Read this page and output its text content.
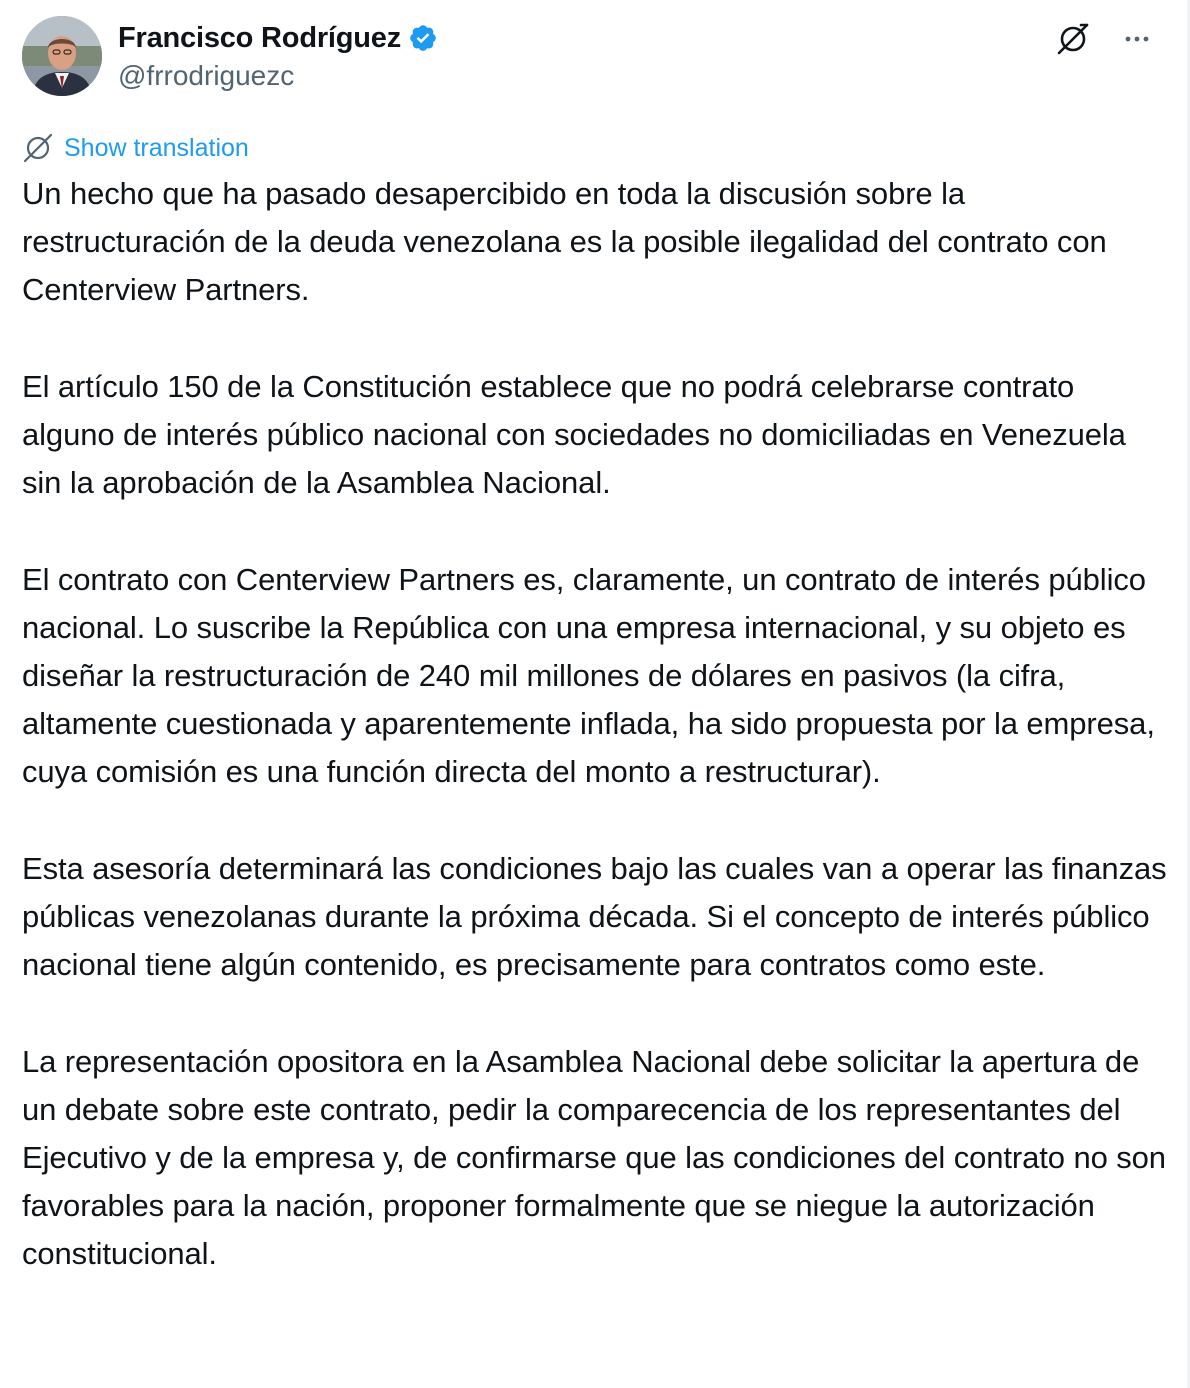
Francisco Rodríguez
@frrodriguezc
Show translation

Un hecho que ha pasado desapercibido en toda la discusión sobre la restructuración de la deuda venezolana es la posible ilegalidad del contrato con Centerview Partners.

El artículo 150 de la Constitución establece que no podrá celebrarse contrato alguno de interés público nacional con sociedades no domiciliadas en Venezuela sin la aprobación de la Asamblea Nacional.

El contrato con Centerview Partners es, claramente, un contrato de interés público nacional. Lo suscribe la República con una empresa internacional, y su objeto es diseñar la restructuración de 240 mil millones de dólares en pasivos (la cifra, altamente cuestionada y aparentemente inflada, ha sido propuesta por la empresa, cuya comisión es una función directa del monto a restructurar).

Esta asesoría determinará las condiciones bajo las cuales van a operar las finanzas públicas venezolanas durante la próxima década. Si el concepto de interés público nacional tiene algún contenido, es precisamente para contratos como este.

La representación opositora en la Asamblea Nacional debe solicitar la apertura de un debate sobre este contrato, pedir la comparecencia de los representantes del Ejecutivo y de la empresa y, de confirmarse que las condiciones del contrato no son favorables para la nación, proponer formalmente que se niegue la autorización constitucional.
